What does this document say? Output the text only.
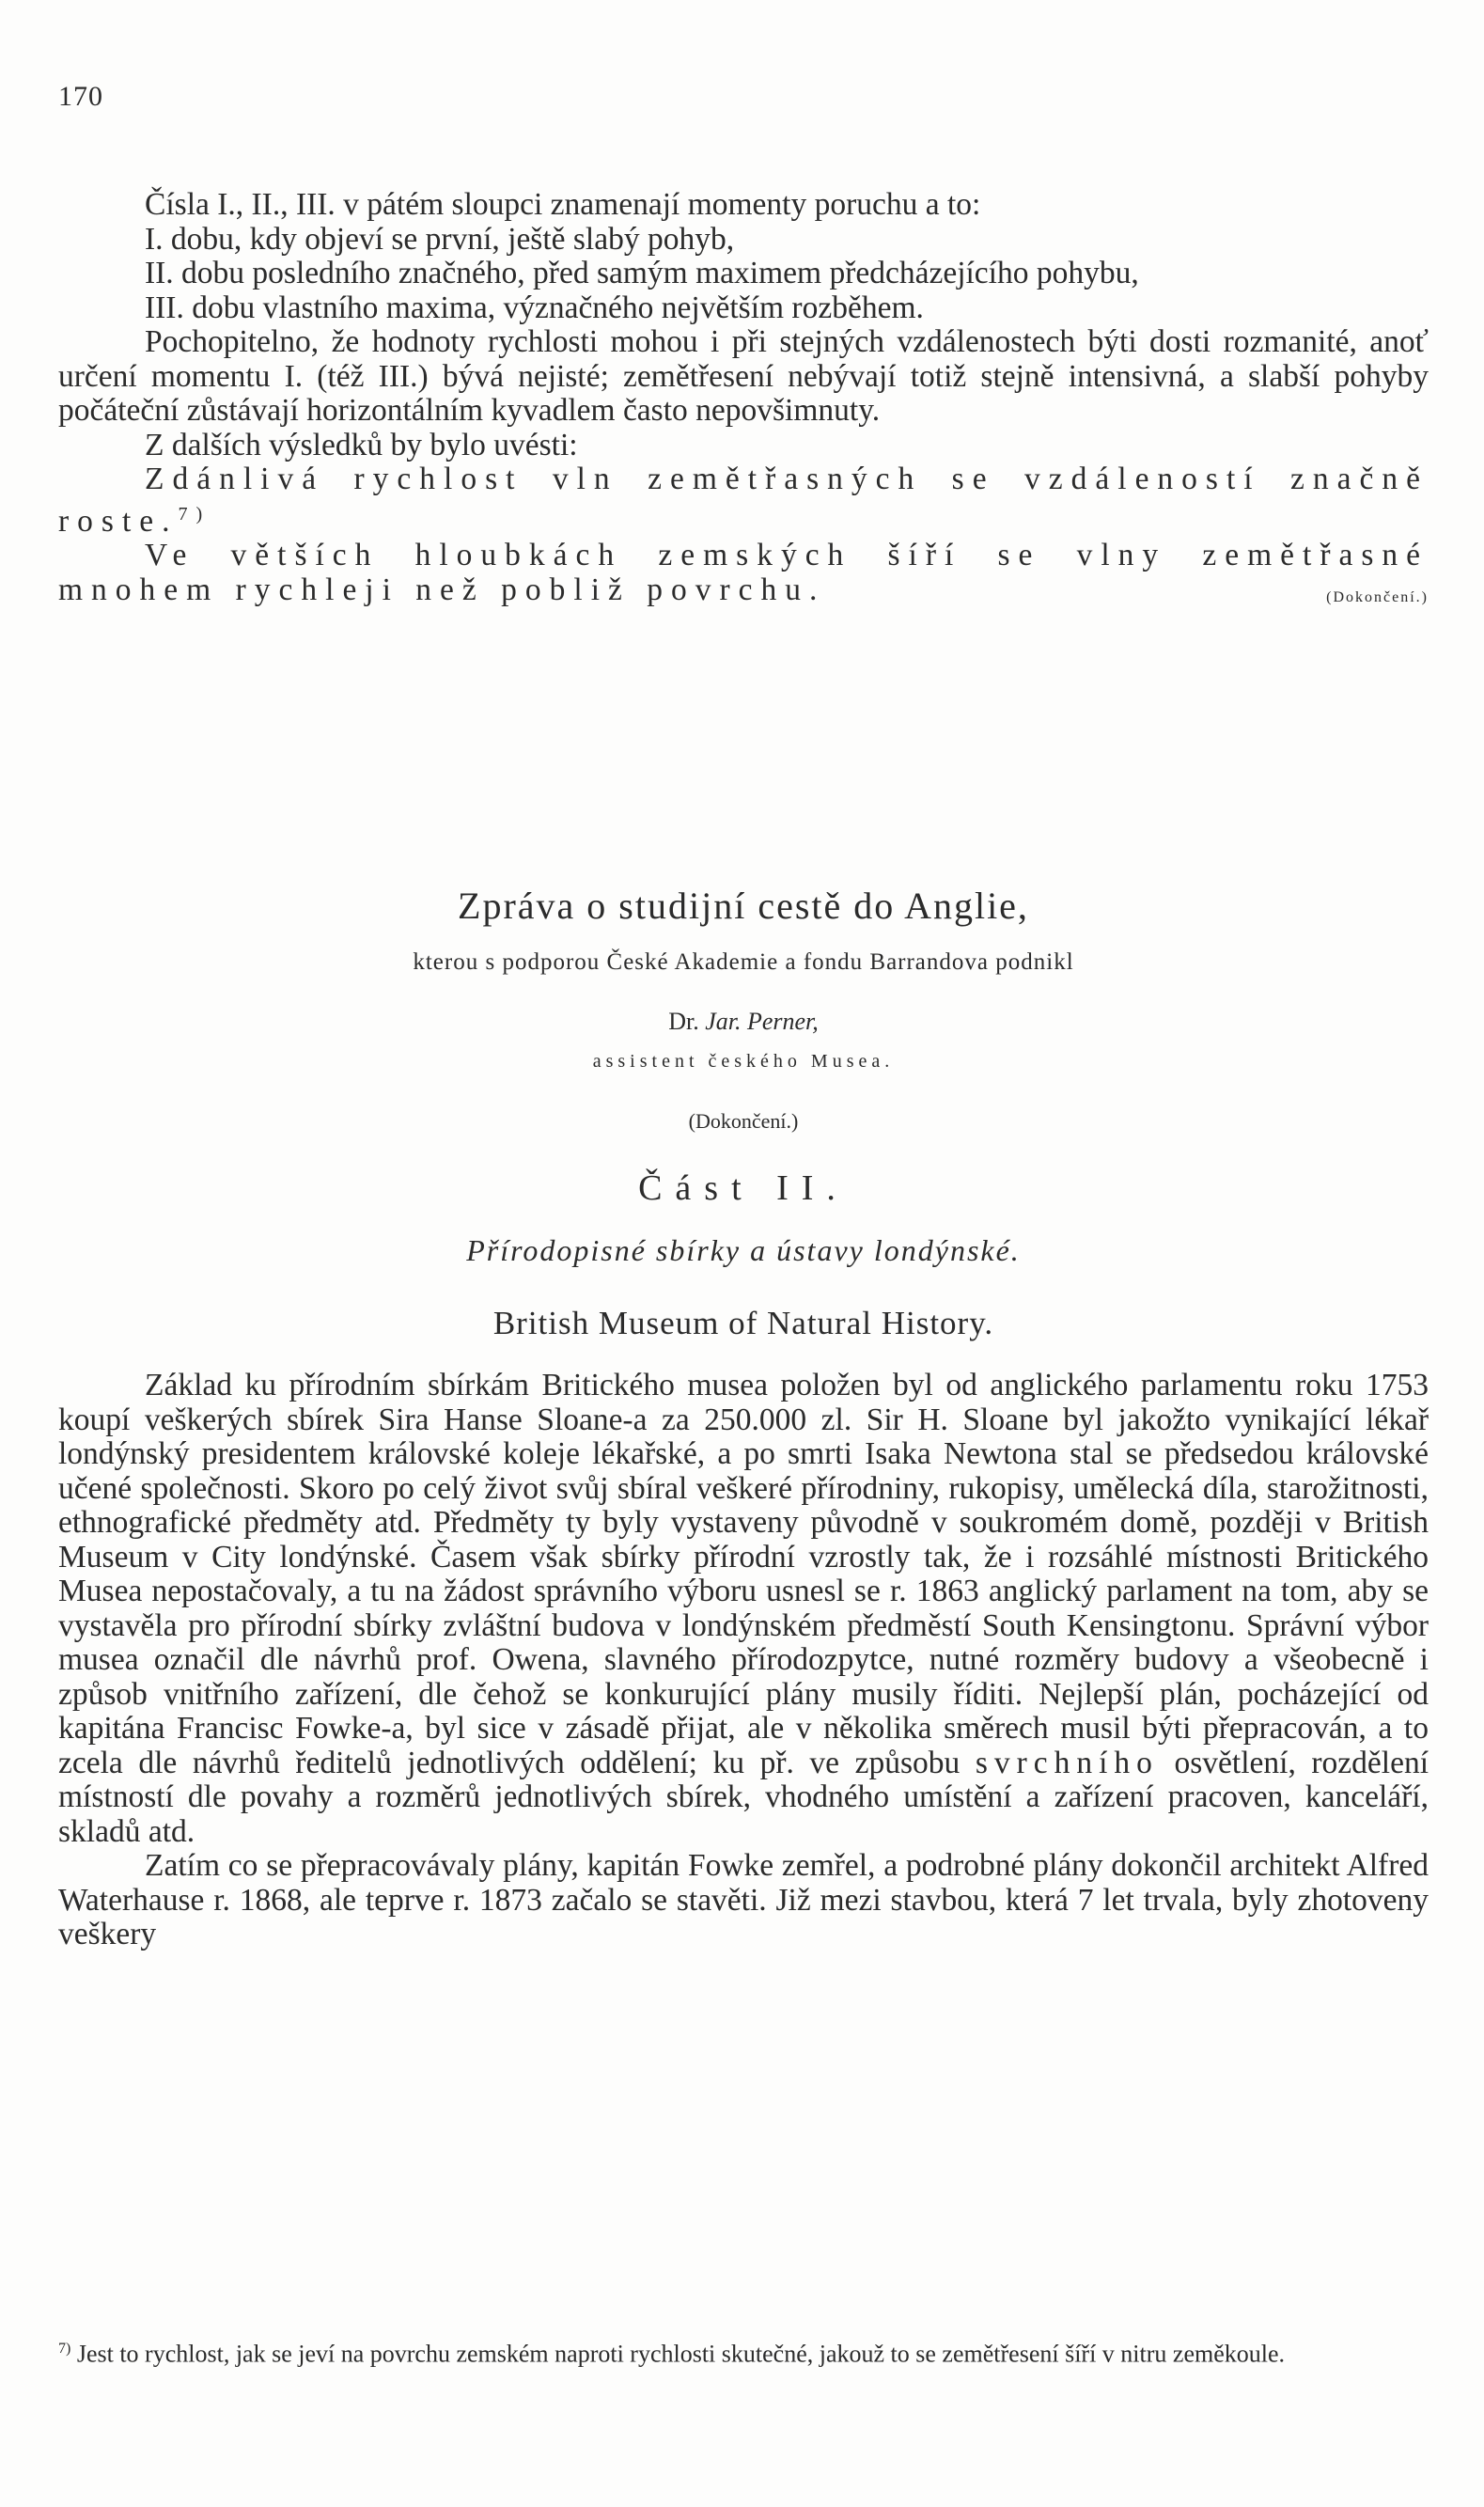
170

Čísla I., II., III. v pátém sloupci znamenají momenty poruchu a to:

I. dobu, kdy objeví se první, ještě slabý pohyb,

II. dobu posledního značného, před samým maximem předcházejícího pohybu,

III. dobu vlastního maxima, význačného největším rozběhem.

Pochopitelno, že hodnoty rychlosti mohou i při stejných vzdálenostech býti dosti rozmanité, anoť určení momentu I. (též III.) bývá nejisté; zemětřesení nebývají totiž stejně intensivná, a slabší pohyby počáteční zůstávají horizontálním kyvadlem často nepovšimnuty.

Z dalších výsledků by bylo uvésti:

Zdánlivá rychlost vln zemětřasných se vzdáleností značně roste.$^{7)}$

Ve větších hloubkách zemských šíří se vlny zemětřasné mnohem rychleji než pobliž povrchu.	(Dokončení.)

Zpráva o studijní cestě do Anglie,

kterou s podporou České Akademie a fondu Barrandova podnikl

Dr. Jar. Perner,

assistent českého Musea.

(Dokončení.)

Část II.

Přírodopisné sbírky a ústavy londýnské.

British Museum of Natural History.

Základ ku přírodním sbírkám Britického musea položen byl od anglického parlamentu roku 1753 koupí veškerých sbírek Sira Hanse Sloane-a za 250.000 zl. Sir H. Sloane byl jakožto vynikající lékař londýnský presidentem královské koleje lékařské, a po smrti Isaka Newtona stal se předsedou královské učené společnosti. Skoro po celý život svůj sbíral veškeré přírodniny, rukopisy, umělecká díla, starožitnosti, ethnografické předměty atd. Předměty ty byly vystaveny původně v soukromém domě, později v British Museum v City londýnské. Časem však sbírky přírodní vzrostly tak, že i rozsáhlé místnosti Britického Musea nepostačovaly, a tu na žádost správního výboru usnesl se r. 1863 anglický parlament na tom, aby se vystavěla pro přírodní sbírky zvláštní budova v londýnském předměstí South Kensingtonu. Správní výbor musea označil dle návrhů prof. Owena, slavného přírodozpytce, nutné rozměry budovy a všeobecně i způsob vnitřního zařízení, dle čehož se konkurující plány musily říditi. Nejlepší plán, pocházející od kapitána Francisc Fowke-a, byl sice v zásadě přijat, ale v několika směrech musil býti přepracován, a to zcela dle návrhů ředitelů jednotlivých oddělení; ku př. ve způsobu svrchního osvětlení, rozdělení místností dle povahy a rozměrů jednotlivých sbírek, vhodného umístění a zařízení pracoven, kanceláří, skladů atd.

Zatím co se přepracovávaly plány, kapitán Fowke zemřel, a podrobné plány dokončil architekt Alfred Waterhause r. 1868, ale teprve r. 1873 začalo se stavěti. Již mezi stavbou, která 7 let trvala, byly zhotoveny veškery

$^{7)}$ Jest to rychlost, jak se jeví na povrchu zemském naproti rychlosti skutečné, jakouž to se zemětřesení šíří v nitru zeměkoule.
